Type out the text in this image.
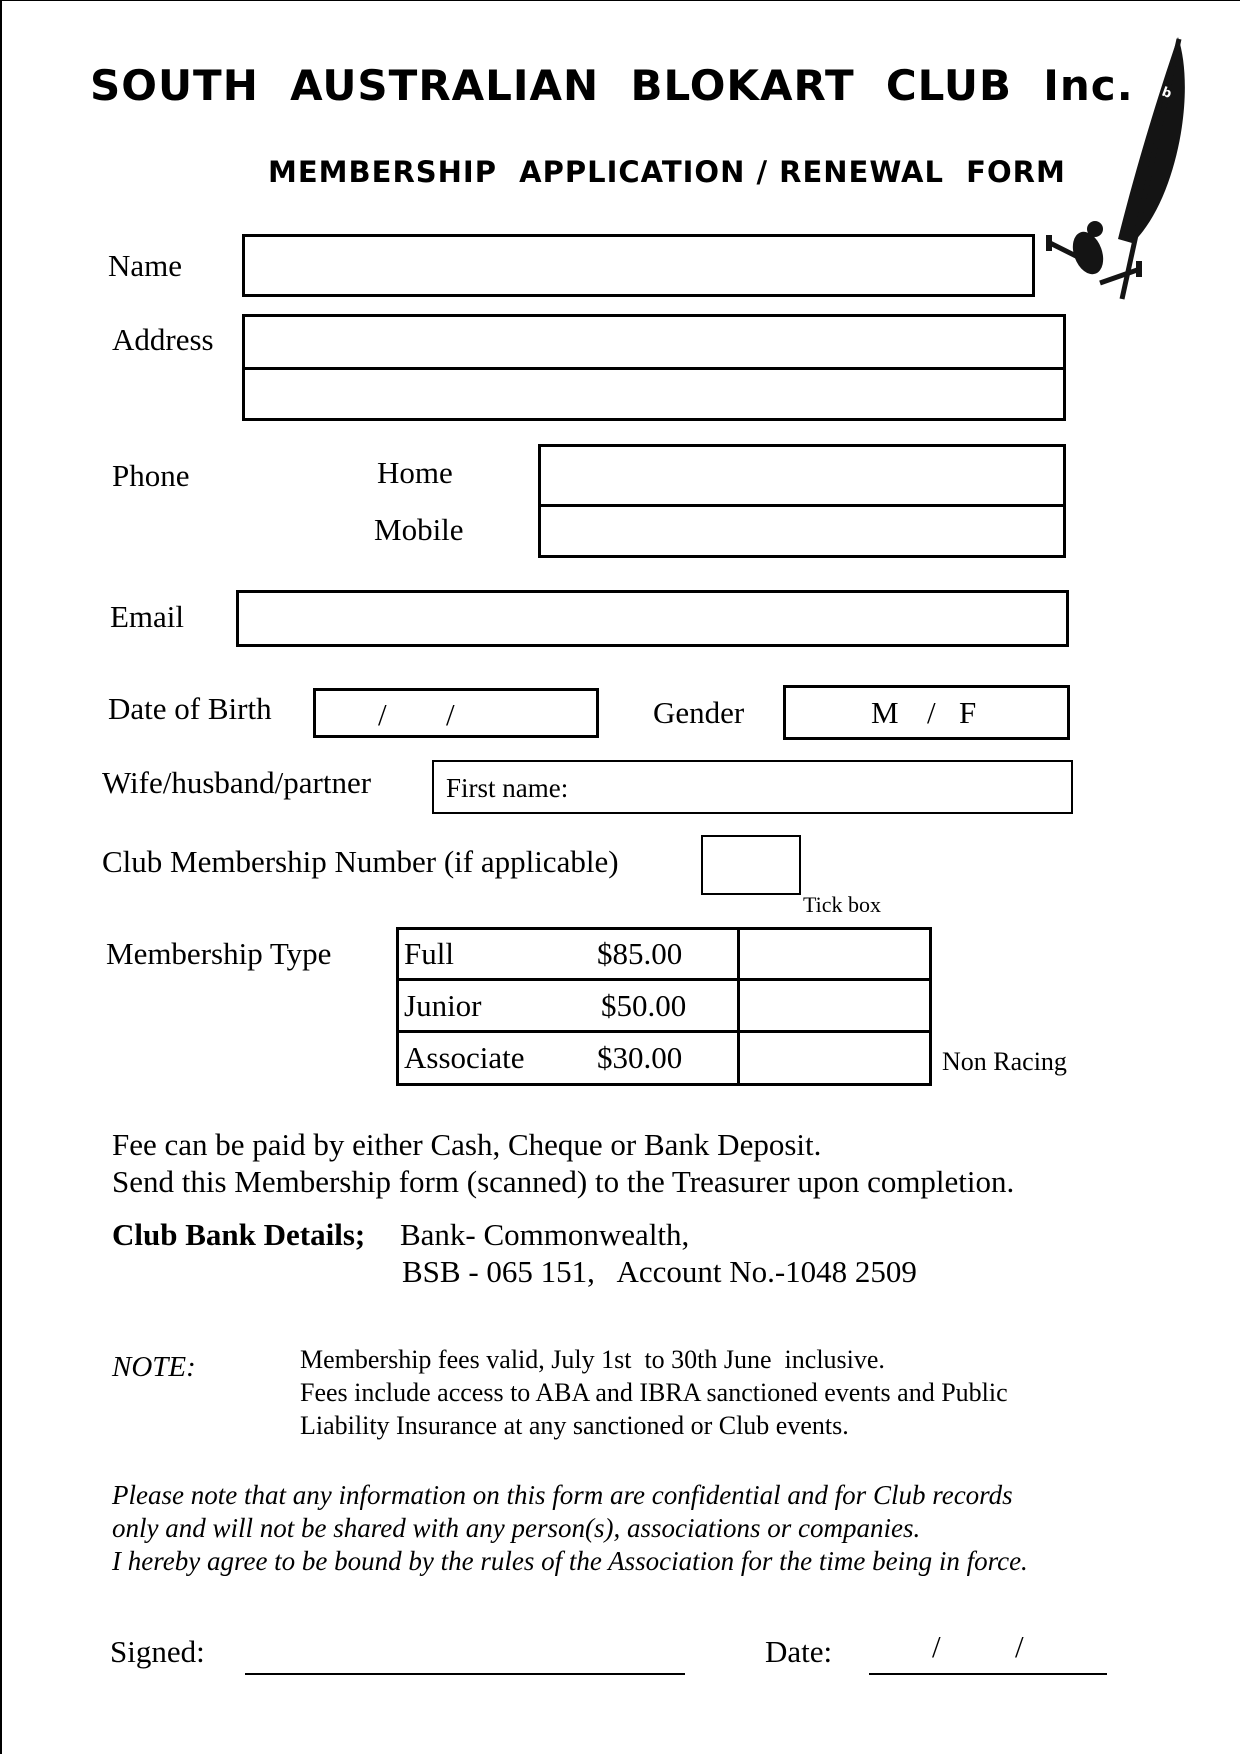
SOUTH  AUSTRALIAN  BLOKART  CLUB  Inc.
MEMBERSHIP  APPLICATION / RENEWAL  FORM
b
Name
Address
Phone	Home
Mobile
Email
Date of Birth	/ /	Gender	M / F
Wife/husband/partner	First name:
Club Membership Number (if applicable)
Tick box
Membership Type Full	$85.00
Junior	$50.00
Associate $30.00	Non Racing
Fee can be paid by either Cash, Cheque or Bank Deposit.
Send this Membership form (scanned) to the Treasurer upon completion.
Club Bank Details; Bank- Commonwealth,
BSB - 065 151,   Account No.-1048 2509
NOTE:	Membership fees valid, July 1st  to 30th June  inclusive.
Fees include access to ABA and IBRA sanctioned events and Public
Liability Insurance at any sanctioned or Club events.
Please note that any information on this form are confidential and for Club records
only and will not be shared with any person(s), associations or companies.
I hereby agree to be bound by the rules of the Association for the time being in force.
Signed:	Date:	/ /
